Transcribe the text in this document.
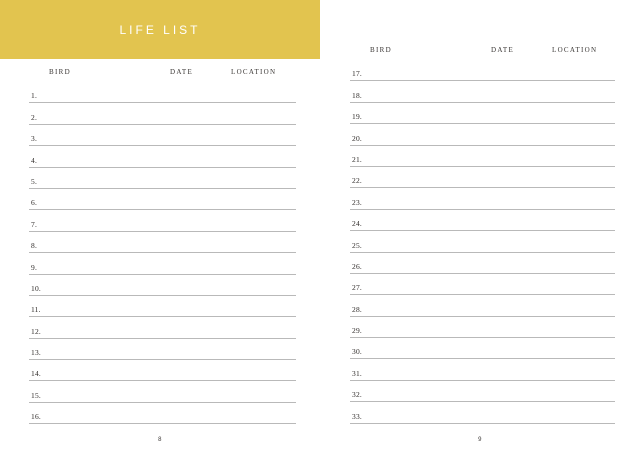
LIFE LIST
BIRD	DATE	LOCATION
1.
2.
3.
4.
5.
6.
7.
8.
9.
10.
11.
12.
13.
14.
15.
16.
8
BIRD	DATE	LOCATION
17.
18.
19.
20.
21.
22.
23.
24.
25.
26.
27.
28.
29.
30.
31.
32.
33.
9
